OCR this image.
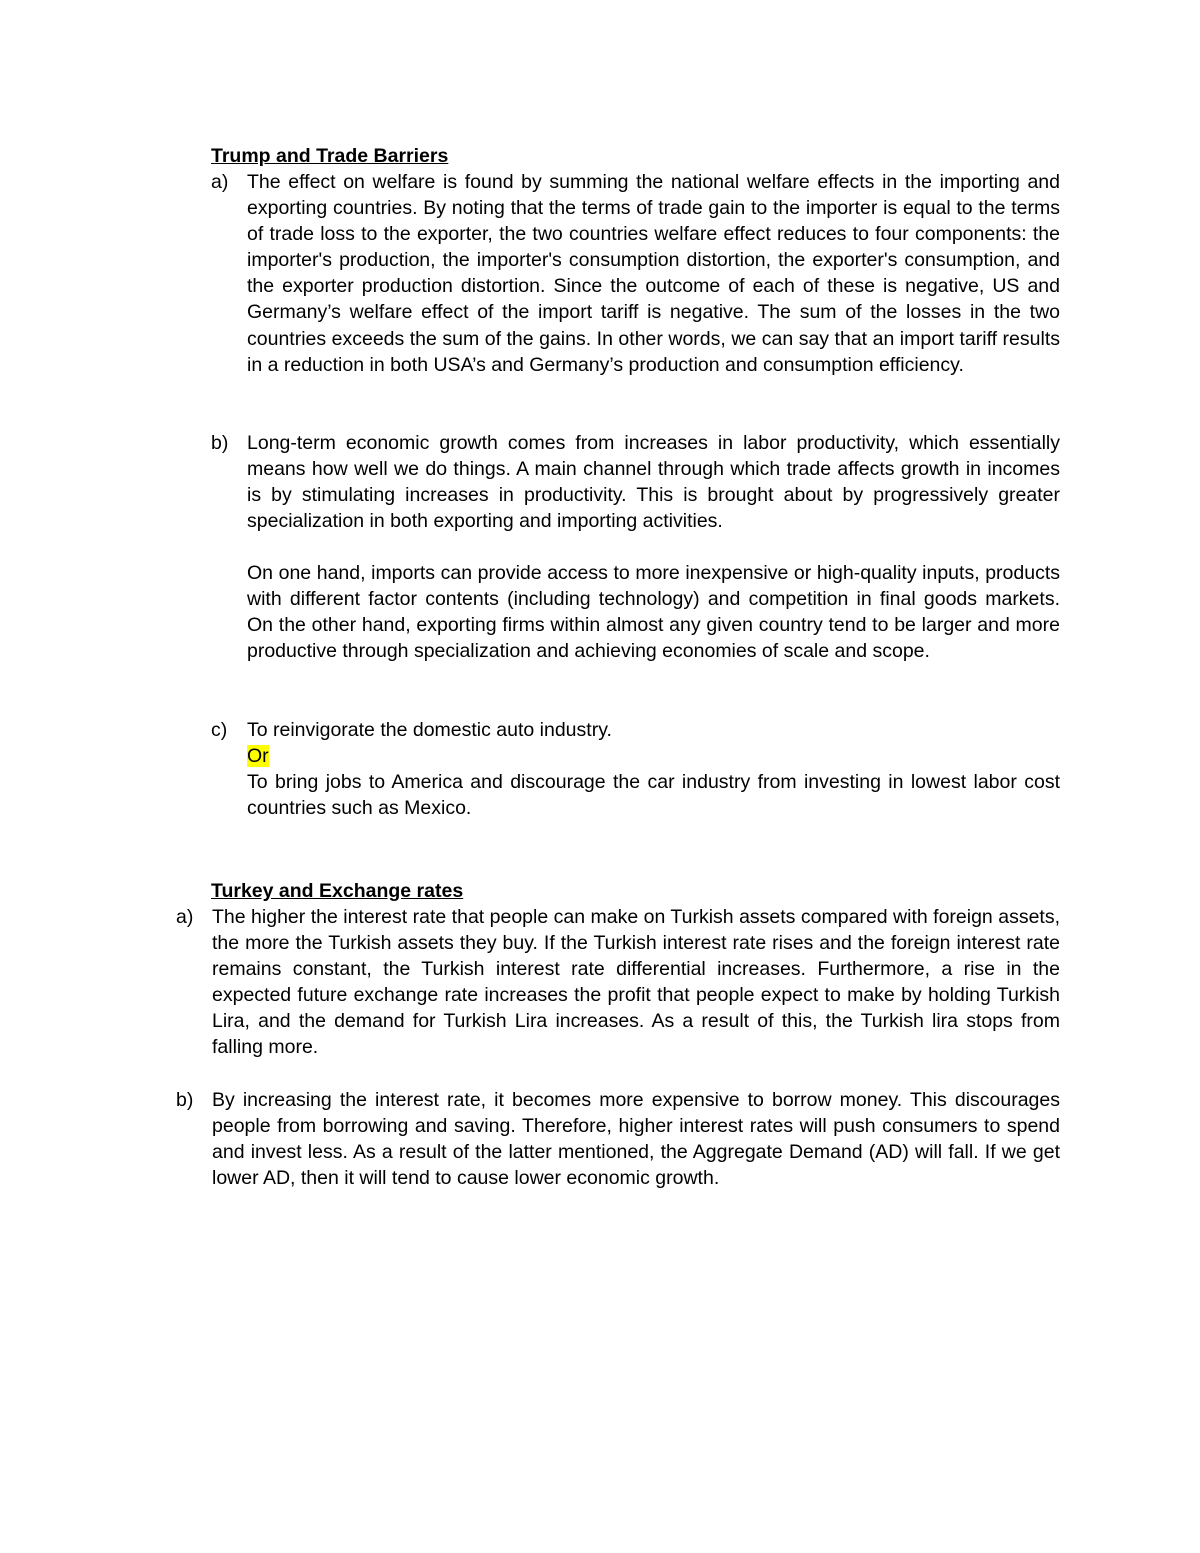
Trump and Trade Barriers
a) The effect on welfare is found by summing the national welfare effects in the importing and exporting countries. By noting that the terms of trade gain to the importer is equal to the terms of trade loss to the exporter, the two countries welfare effect reduces to four components: the importer's production, the importer's consumption distortion, the exporter's consumption, and the exporter production distortion. Since the outcome of each of these is negative, US and Germany’s welfare effect of the import tariff is negative. The sum of the losses in the two countries exceeds the sum of the gains. In other words, we can say that an import tariff results in a reduction in both USA’s and Germany’s production and consumption efficiency.

b) Long-term economic growth comes from increases in labor productivity, which essentially means how well we do things. A main channel through which trade affects growth in incomes is by stimulating increases in productivity. This is brought about by progressively greater specialization in both exporting and importing activities.

On one hand, imports can provide access to more inexpensive or high-quality inputs, products with different factor contents (including technology) and competition in final goods markets. On the other hand, exporting firms within almost any given country tend to be larger and more productive through specialization and achieving economies of scale and scope.

c) To reinvigorate the domestic auto industry.

Or

To bring jobs to America and discourage the car industry from investing in lowest labor cost countries such as Mexico.

Turkey and Exchange rates
a) The higher the interest rate that people can make on Turkish assets compared with foreign assets, the more the Turkish assets they buy. If the Turkish interest rate rises and the foreign interest rate remains constant, the Turkish interest rate differential increases. Furthermore, a rise in the expected future exchange rate increases the profit that people expect to make by holding Turkish Lira, and the demand for Turkish Lira increases. As a result of this, the Turkish lira stops from falling more.

b) By increasing the interest rate, it becomes more expensive to borrow money. This discourages people from borrowing and saving. Therefore, higher interest rates will push consumers to spend and invest less. As a result of the latter mentioned, the Aggregate Demand (AD) will fall. If we get lower AD, then it will tend to cause lower economic growth.
